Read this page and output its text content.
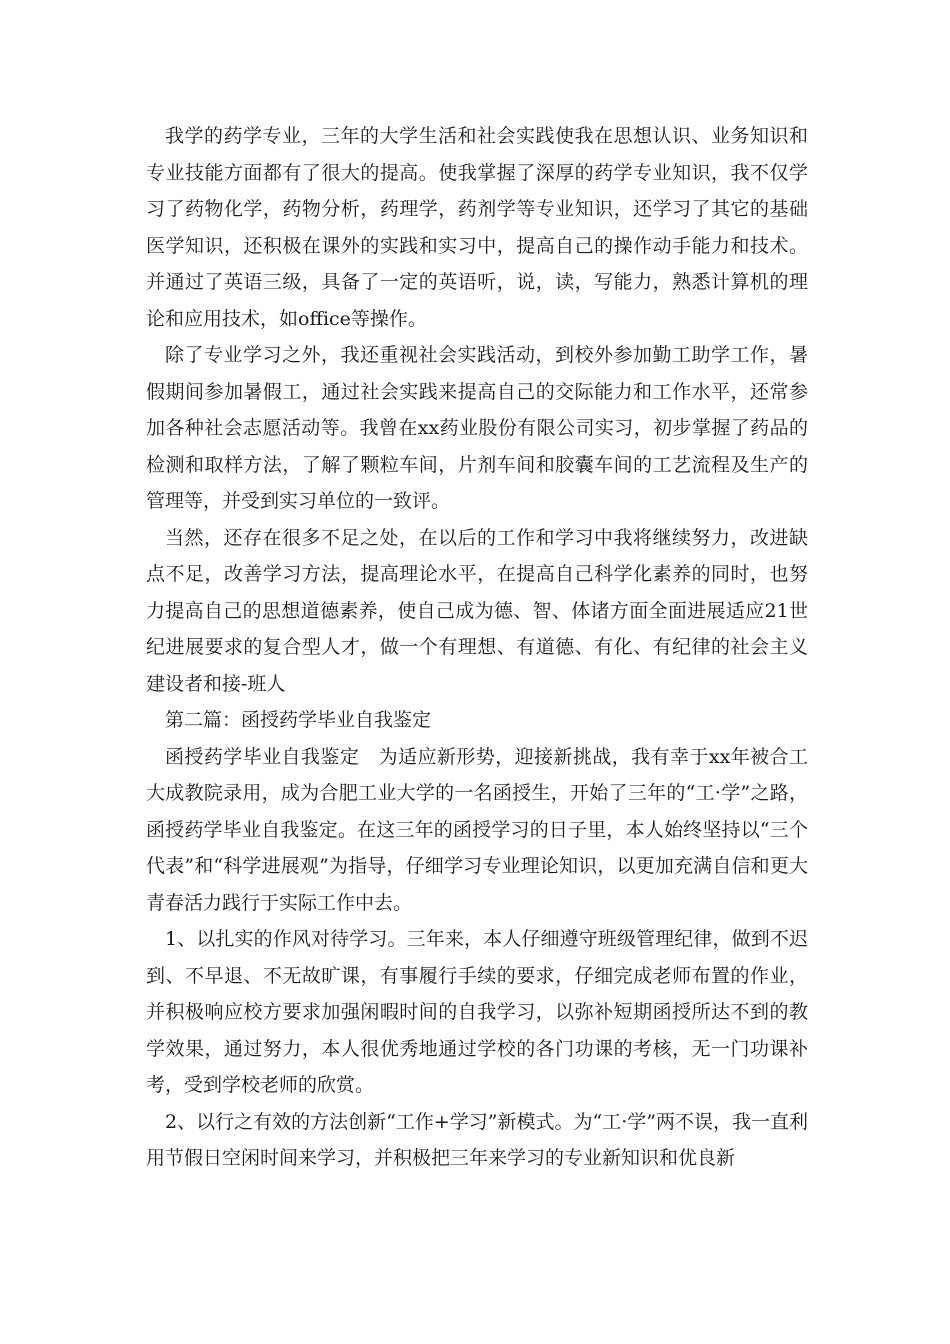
我学的药学专业，三年的大学生活和社会实践使我在思想认识、业务知识和专业技能方面都有了很大的提高。使我掌握了深厚的药学专业知识，我不仅学习了药物化学，药物分析，药理学，药剂学等专业知识，还学习了其它的基础医学知识，还积极在课外的实践和实习中，提高自己的操作动手能力和技术。并通过了英语三级，具备了一定的英语听，说，读，写能力，熟悉计算机的理论和应用技术，如office等操作。

除了专业学习之外，我还重视社会实践活动，到校外参加勤工助学工作，暑假期间参加暑假工，通过社会实践来提高自己的交际能力和工作水平，还常参加各种社会志愿活动等。我曾在xx药业股份有限公司实习，初步掌握了药品的检测和取样方法，了解了颗粒车间，片剂车间和胶囊车间的工艺流程及生产的管理等，并受到实习单位的一致评。

当然，还存在很多不足之处，在以后的工作和学习中我将继续努力，改进缺点不足，改善学习方法，提高理论水平，在提高自己科学化素养的同时，也努力提高自己的思想道德素养，使自己成为德、智、体诸方面全面进展适应21世纪进展要求的复合型人才，做一个有理想、有道德、有化、有纪律的社会主义建设者和接-班人

第二篇：函授药学毕业自我鉴定

函授药学毕业自我鉴定　为适应新形势，迎接新挑战，我有幸于xx年被合工大成教院录用，成为合肥工业大学的一名函授生，开始了三年的“工·学”之路，函授药学毕业自我鉴定。在这三年的函授学习的日子里，本人始终坚持以“三个代表”和“科学进展观”为指导，仔细学习专业理论知识，以更加充满自信和更大青春活力践行于实际工作中去。

1、以扎实的作风对待学习。三年来，本人仔细遵守班级管理纪律，做到不迟到、不早退、不无故旷课，有事履行手续的要求，仔细完成老师布置的作业，并积极响应校方要求加强闲暇时间的自我学习，以弥补短期函授所达不到的教学效果，通过努力，本人很优秀地通过学校的各门功课的考核，无一门功课补考，受到学校老师的欣赏。

2、以行之有效的方法创新“工作+学习”新模式。为“工·学”两不误，我一直利用节假日空闲时间来学习，并积极把三年来学习的专业新知识和优良新
